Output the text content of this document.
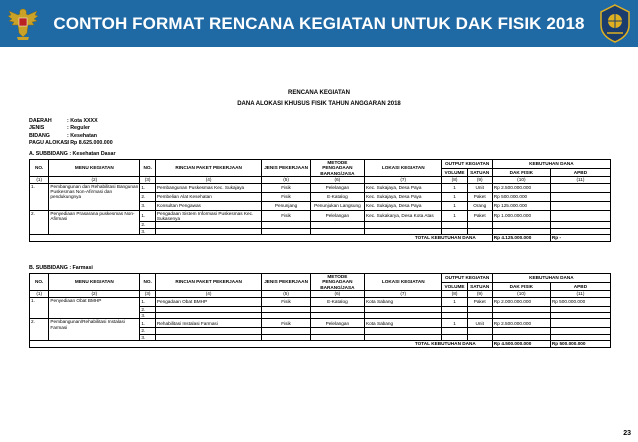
CONTOH FORMAT RENCANA KEGIATAN UNTUK DAK FISIK 2018
RENCANA KEGIATAN
DANA ALOKASI KHUSUS FISIK TAHUN ANGGARAN 2018
DAERAH	: Kota XXXX
JENIS	: Reguler
BIDANG	: Kesehatan
PAGU ALOKASI
: Rp 8.625.000.000
A. SUBBIDANG : Kesehatan Dasar
NO.	MENU KEGIATAN	NO.	RINCIAN PAKET PEKERJAAN	JENIS PEKERJAAN	METODE PENGADAAN BARANG/JASA	LOKASI KEGIATAN	OUTPUT KEGIATAN		KEBUTUHAN DANA	
							VOLUME	SATUAN	DAK FISIK	APBD
(1)	(2)	(3)	(4)	(5)	(6)	(7)	(8)	(9)	(10)	(11)
1.	Pembangunan dan Rehabilitasi Bangunan Puskesmas Non-Afirmasi dan pendukungnya	1.	Pembangunan Puskesmas Kec. Sukajaya	Fisik	Pelelangan	Kec. Sukajaya, Desa Paya	1	Unit	Rp 2.500.000.000	
		2.	Pembelian Alat Kesehatan	Fisik	E-Katalog	Kec. Sukajaya, Desa Paya	1	Paket	Rp 500.000.000	
		3.	Konsultan Pengawas	Penunjang	Penunjukan Langsung	Kec. Sukajaya, Desa Paya	1	Orang	Rp 125.000.000	
2.	Penyediaan Prasarana puskesmas Non-Afirmasi	1.	Pengadaan Sistem Informasi Puskesmas Kec. Sukasenya	Fisik	Pelelangan	Kec. Sukakarya, Desa Kota Atas	1	Paket	Rp 1.000.000.000	
		2.								
		3.								
TOTAL KEBUTUHAN DANA									Rp 4.125.000.000	Rp -
B. SUBBIDANG : Farmasi
NO.	MENU KEGIATAN	NO.	RINCIAN PAKET PEKERJAAN	JENIS PEKERJAAN	METODE PENGADAAN BARANG/JASA	LOKASI KEGIATAN	OUTPUT KEGIATAN		KEBUTUHAN DANA	
							VOLUME	SATUAN	DAK FISIK	APBD
(1)	(2)	(3)	(4)	(5)	(6)	(7)	(8)	(9)	(10)	(11)
1.	Penyediaan Obat BMHP	1.	Pengadaan Obat BMHP	Fisik	E-Katalog	Kota Sabang	1	Paket	Rp 2.000.000.000	Rp 500.000.000
		2.								
		3.								
2.	Pembangunan/Rehabilitasi Instalasi Farmasi	1.	Rehabilitasi Instalasi Farmasi	Fisik	Pelelangan	Kota Sabang	1	Unit	Rp 2.500.000.000	
		2.								
		3.								
TOTAL KEBUTUHAN DANA									Rp 4.500.000.000	Rp 500.000.000
23
